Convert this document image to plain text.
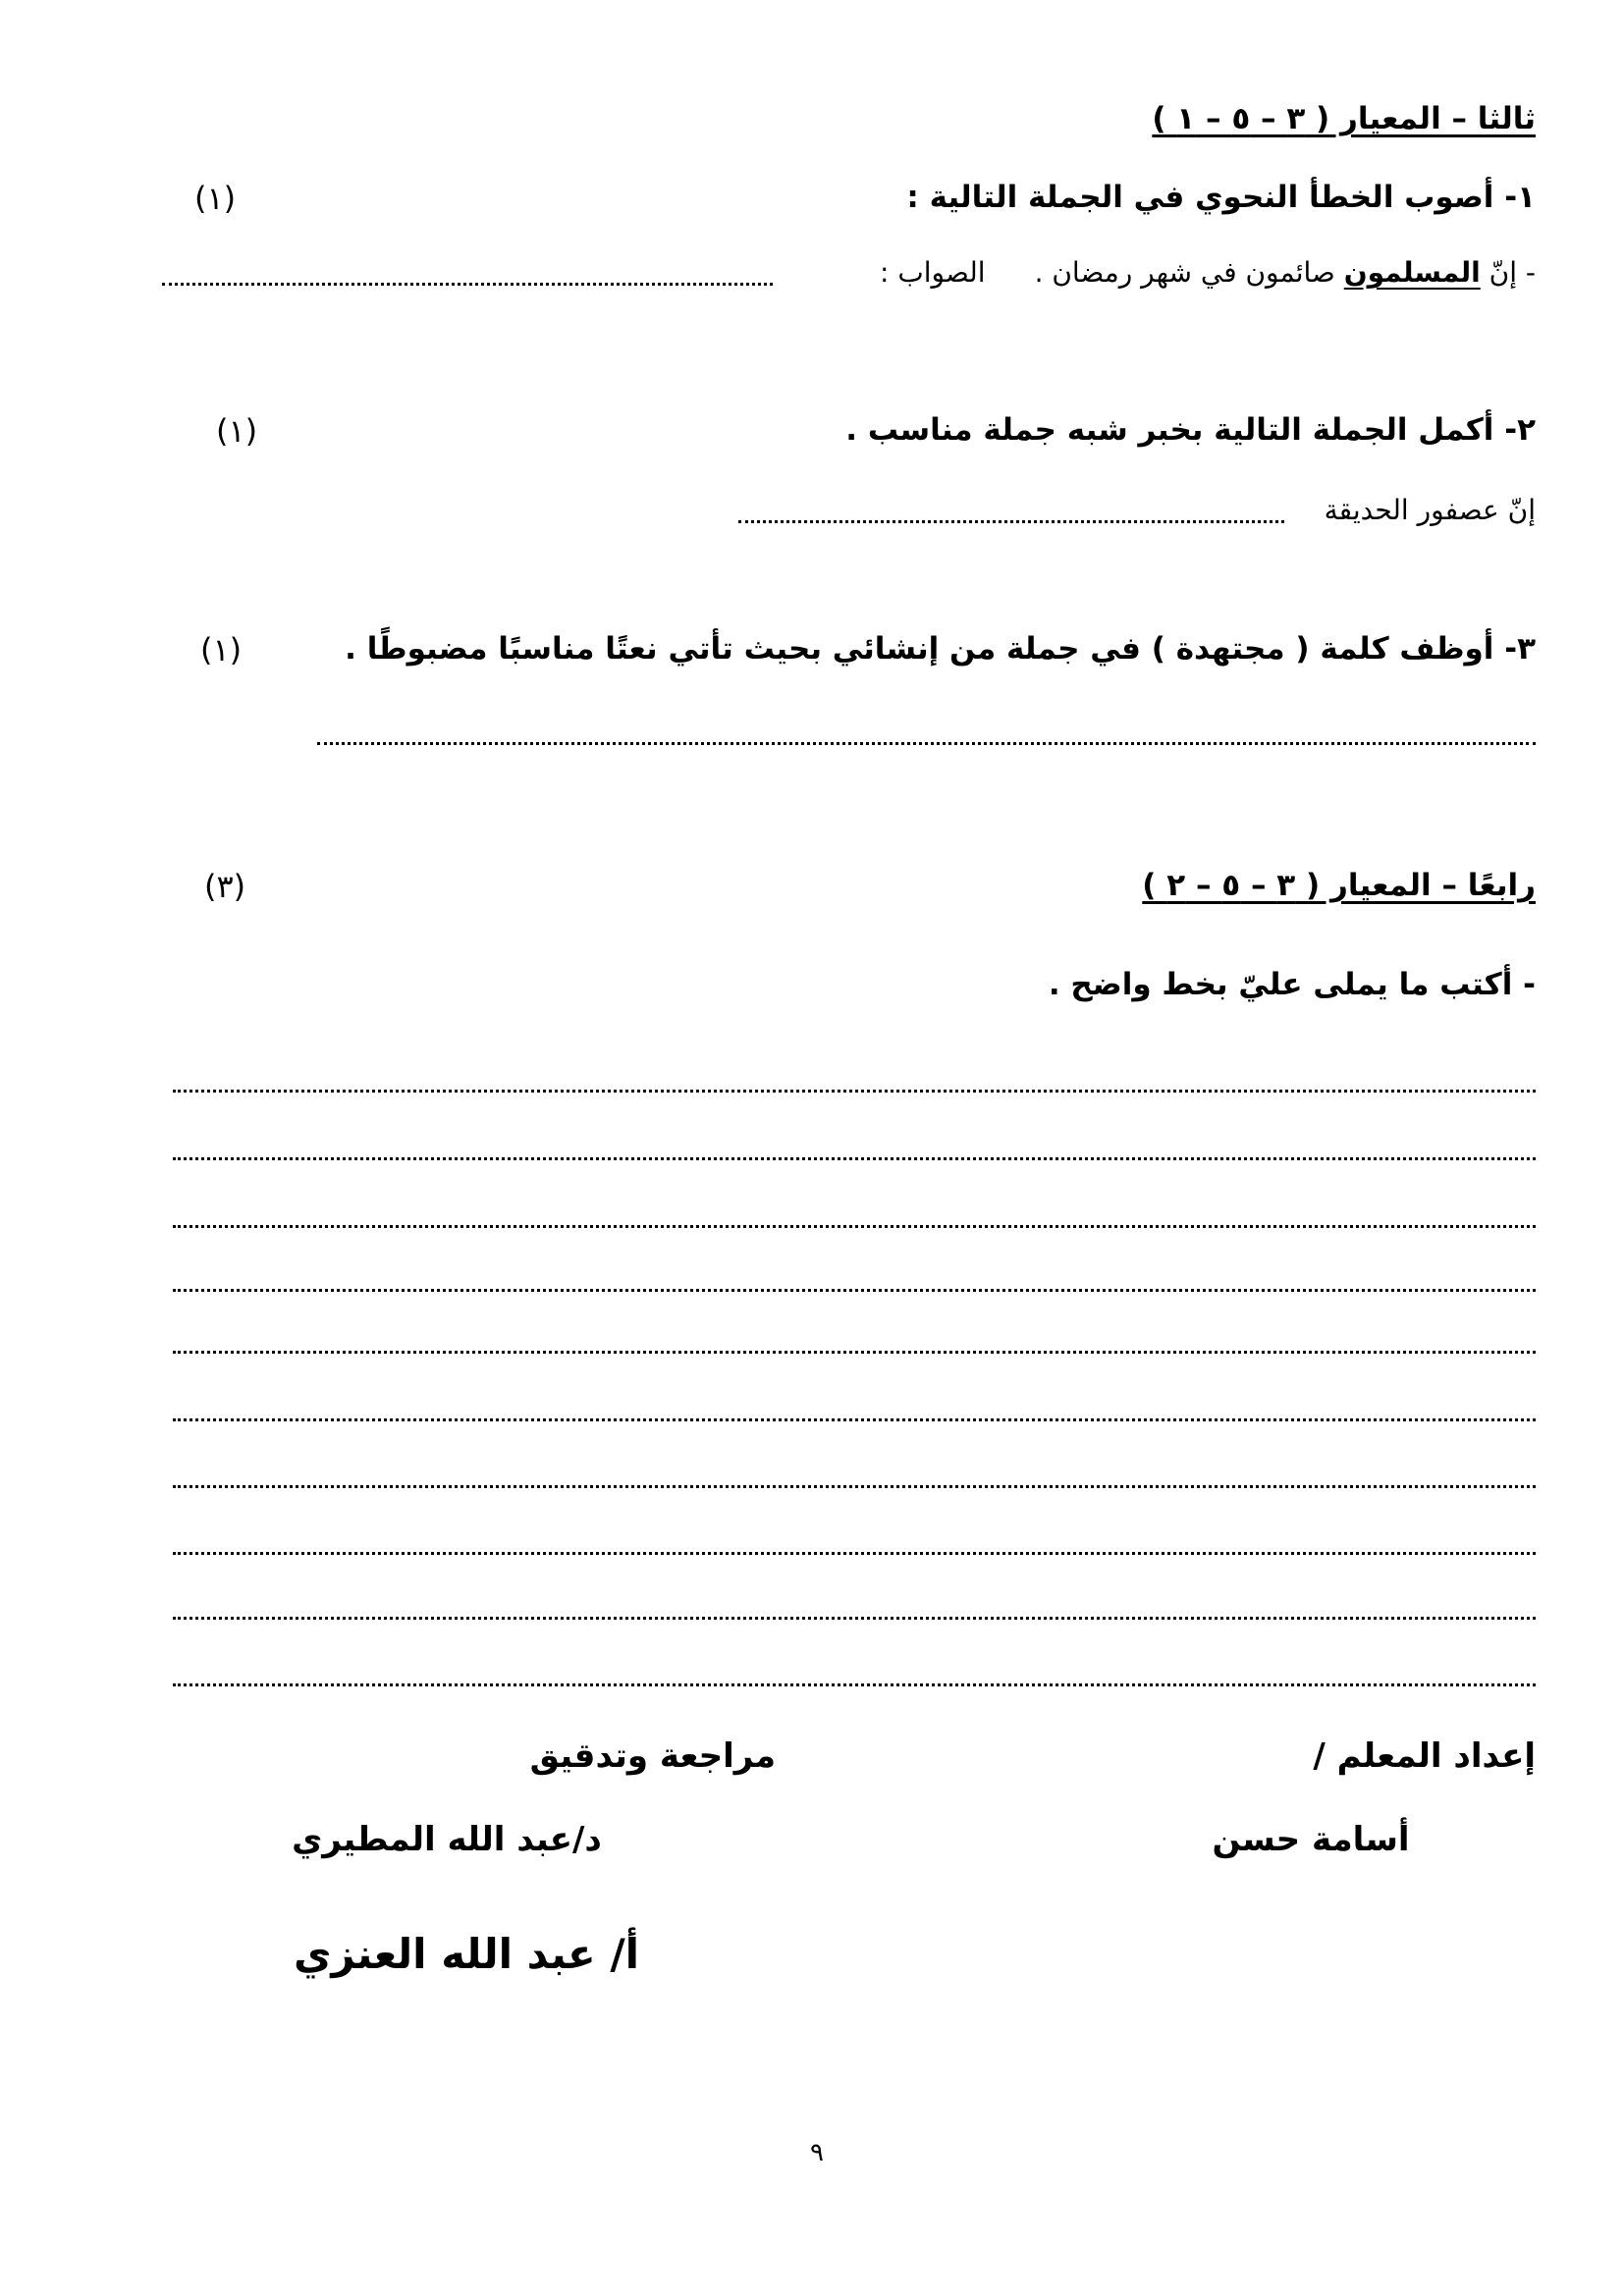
ثالثا – المعيار ( ٣ – ٥ – ١ )
١- أصوب الخطأ النحوي في الجملة التالية :
(١)
- إنّ المسلمون صائمون في شهر رمضان .الصواب :
٢- أكمل الجملة التالية بخبر شبه جملة مناسب .
(١)
إنّ عصفور الحديقة
٣- أوظف كلمة ( مجتهدة ) في جملة من إنشائي بحيث تأتي نعتًا مناسبًا مضبوطًا .
(١)
رابعًا – المعيار ( ٣ – ٥ – ٢ )
(٣)
- أكتب ما يملى عليّ بخط واضح .
إعداد المعلم /
مراجعة وتدقيق
أسامة حسن
د/عبد الله المطيري
أ/ عبد الله العنزي
٩
